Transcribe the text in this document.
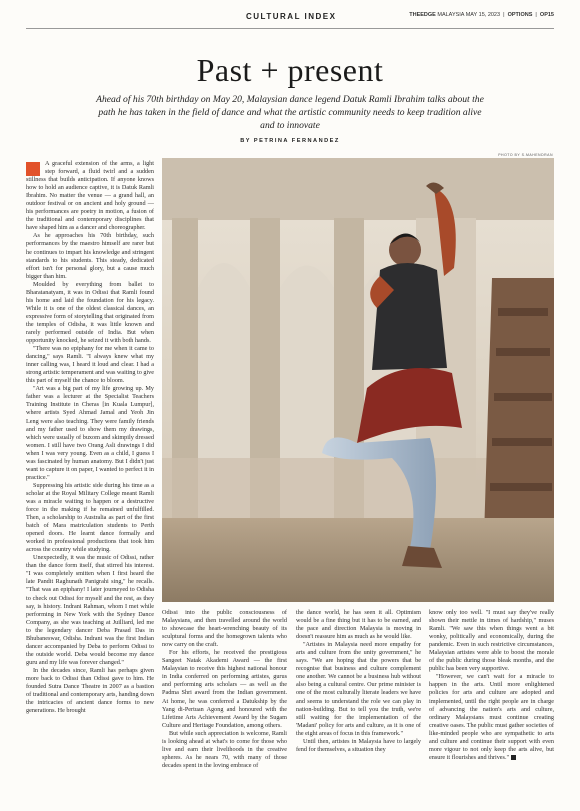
CULTURAL INDEX	THEEDGE MALAYSIA MAY 15, 2023  |  OPTIONS  |  OP15
Past + present

Ahead of his 70th birthday on May 20, Malaysian dance legend Datuk Ramli Ibrahim talks about the path he has taken in the field of dance and what the artistic community needs to keep tradition alive and to innovate

BY PETRINA FERNANDEZ
PHOTO BY S.MAHENDRAN

A graceful extension of the arms, a light step forward, a fluid twirl and a sudden stillness that builds anticipation. If anyone knows how to hold an audience captive, it is Datuk Ramli Ibrahim. No matter the venue — a grand hall, an outdoor festival or on ancient and holy ground — his performances are poetry in motion, a fusion of the traditional and contemporary disciplines that have shaped him as a dancer and choreographer.

As he approaches his 70th birthday, such performances by the maestro himself are rarer but he continues to impart his knowledge and stringent standards to his students. This steady, dedicated effort isn't for personal glory, but a cause much bigger than him.

Moulded by everything from ballet to Bharatanatyam, it was in Odissi that Ramli found his home and laid the foundation for his legacy. While it is one of the oldest classical dances, an expressive form of storytelling that originated from the temples of Odisha, it was little known and rarely performed outside of India. But when opportunity knocked, he seized it with both hands.

"There was no epiphany for me when it came to dancing," says Ramli. "I always knew what my inner calling was, I heard it loud and clear. I had a strong artistic temperament and was waiting to give this part of myself the chance to bloom.

"Art was a big part of my life growing up. My father was a lecturer at the Specialist Teachers Training Institute in Cheras [in Kuala Lumpur], where artists Syed Ahmad Jamal and Yeoh Jin Leng were also teaching. They were family friends and my father used to show them my drawings, which were usually of buxom and skimpily dressed women. I still have two Orang Asli drawings I did when I was very young. Even as a child, I guess I was fascinated by human anatomy. But I didn't just want to capture it on paper, I wanted to perfect it in practice."

Suppressing his artistic side during his time as a scholar at the Royal Military College meant Ramli was a miracle waiting to happen or a destructive force in the making if he remained unfulfilled. Then, a scholarship to Australia as part of the first batch of Mara matriculation students to Perth opened doors. He learnt dance formally and worked in professional productions that took him across the country while studying.

Unexpectedly, it was the music of Odissi, rather than the dance form itself, that stirred his interest. "I was completely smitten when I first heard the late Pandit Raghunath Panigrahi sing," he recalls. "That was an epiphany! I later journeyed to Odisha to check out Odissi for myself and the rest, as they say, is history. Indrani Rahman, whom I met while performing in New York with the Sydney Dance Company, as she was teaching at Juilliard, led me to the legendary dancer Deba Prasad Das in Bhubaneswar, Odisha. Indrani was the first Indian dancer accompanied by Deba to perform Odissi to the outside world. Deba would become my dance guru and my life was forever changed."

In the decades since, Ramli has perhaps given more back to Odissi than Odissi gave to him. He founded Sutra Dance Theatre in 2007 as a bastion of traditional and contemporary arts, handing down the intricacies of ancient dance forms to new generations. He brought

Odissi into the public consciousness of Malaysians, and then travelled around the world to showcase the heart-wrenching beauty of its sculptural forms and the homegrown talents who now carry on the craft.

For his efforts, he received the prestigious Sangeet Natak Akademi Award — the first Malaysian to receive this highest national honour in India conferred on performing artistes, gurus and performing arts scholars — as well as the Padma Shri award from the Indian government. At home, he was conferred a Datukship by the Yang di-Pertuan Agong and honoured with the Lifetime Arts Achievement Award by the Sugam Culture and Heritage Foundation, among others.

But while such appreciation is welcome, Ramli is looking ahead at what's to come for those who live and earn their livelihoods in the creative spheres. As he nears 70, with many of those decades spent in the loving embrace of

the dance world, he has seen it all. Optimism would be a fine thing but it has to be earned, and the pace and direction Malaysia is moving in doesn't reassure him as much as he would like.

"Artistes in Malaysia need more empathy for arts and culture from the unity government," he says. "We are hoping that the powers that be recognise that business and culture complement one another. We cannot be a business hub without also being a cultural centre. Our prime minister is one of the most culturally literate leaders we have and seems to understand the role we can play in nation-building. But to tell you the truth, we're still waiting for the implementation of the 'Madani' policy for arts and culture, as it is one of the eight areas of focus in this framework."

Until then, artistes in Malaysia have to largely fend for themselves, a situation they

know only too well. "I must say they've really shown their mettle in times of hardship," muses Ramli. "We saw this when things went a bit wonky, politically and economically, during the pandemic. Even in such restrictive circumstances, Malaysian artistes were able to boost the morale of the public during those bleak months, and the public has been very supportive.

"However, we can't wait for a miracle to happen in the arts. Until more enlightened policies for arts and culture are adopted and implemented, until the right people are in charge of advancing the nation's arts and culture, ordinary Malaysians must continue creating creative oases. The public must gather societies of like-minded people who are sympathetic to arts and culture and continue their support with even more vigour to not only keep the arts alive, but ensure it flourishes and thrives."
